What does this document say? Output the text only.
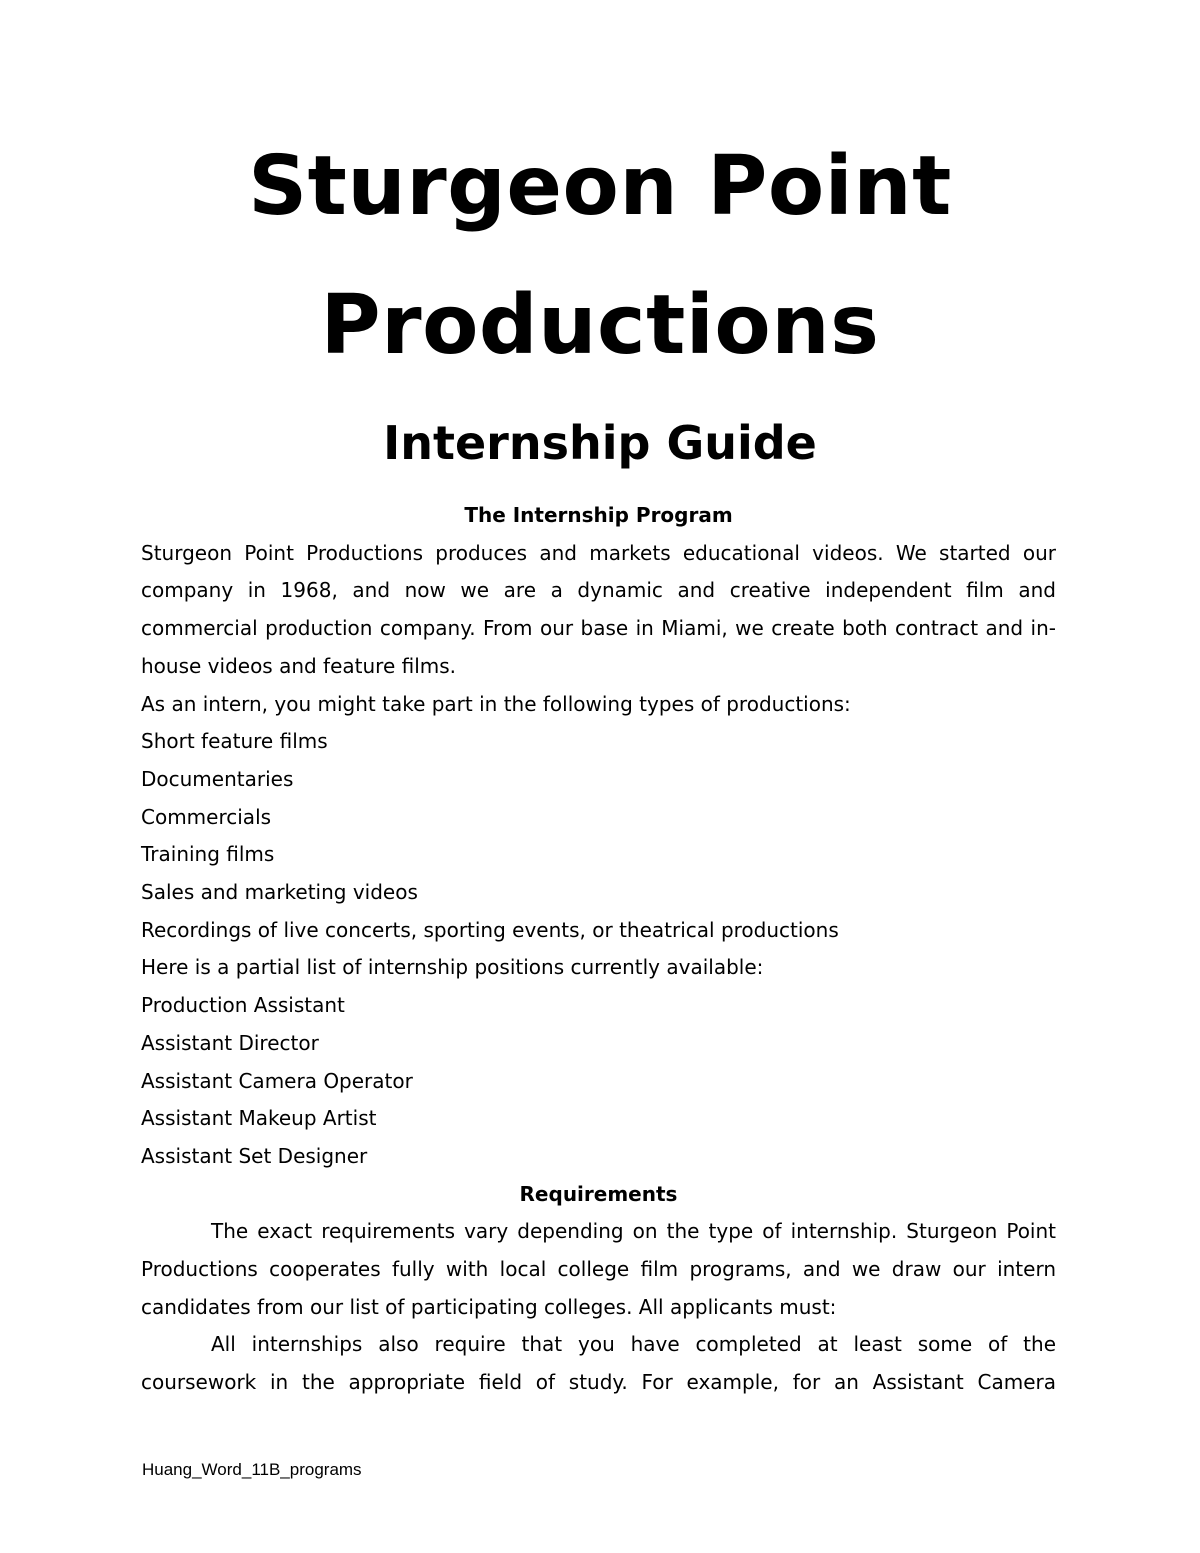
Sturgeon Point
Productions
Internship Guide

The Internship Program

Sturgeon Point Productions produces and markets educational videos. We started our company in 1968, and now we are a dynamic and creative independent film and commercial production company. From our base in Miami, we create both contract and in-house videos and feature films.

As an intern, you might take part in the following types of productions:

Short feature films

Documentaries

Commercials

Training films

Sales and marketing videos

Recordings of live concerts, sporting events, or theatrical productions

Here is a partial list of internship positions currently available:

Production Assistant

Assistant Director

Assistant Camera Operator

Assistant Makeup Artist

Assistant Set Designer

Requirements

The exact requirements vary depending on the type of internship. Sturgeon Point Productions cooperates fully with local college film programs, and we draw our intern candidates from our list of participating colleges. All applicants must:

All internships also require that you have completed at least some of the coursework in the appropriate field of study. For example, for an Assistant Camera

Huang_Word_11B_programs
